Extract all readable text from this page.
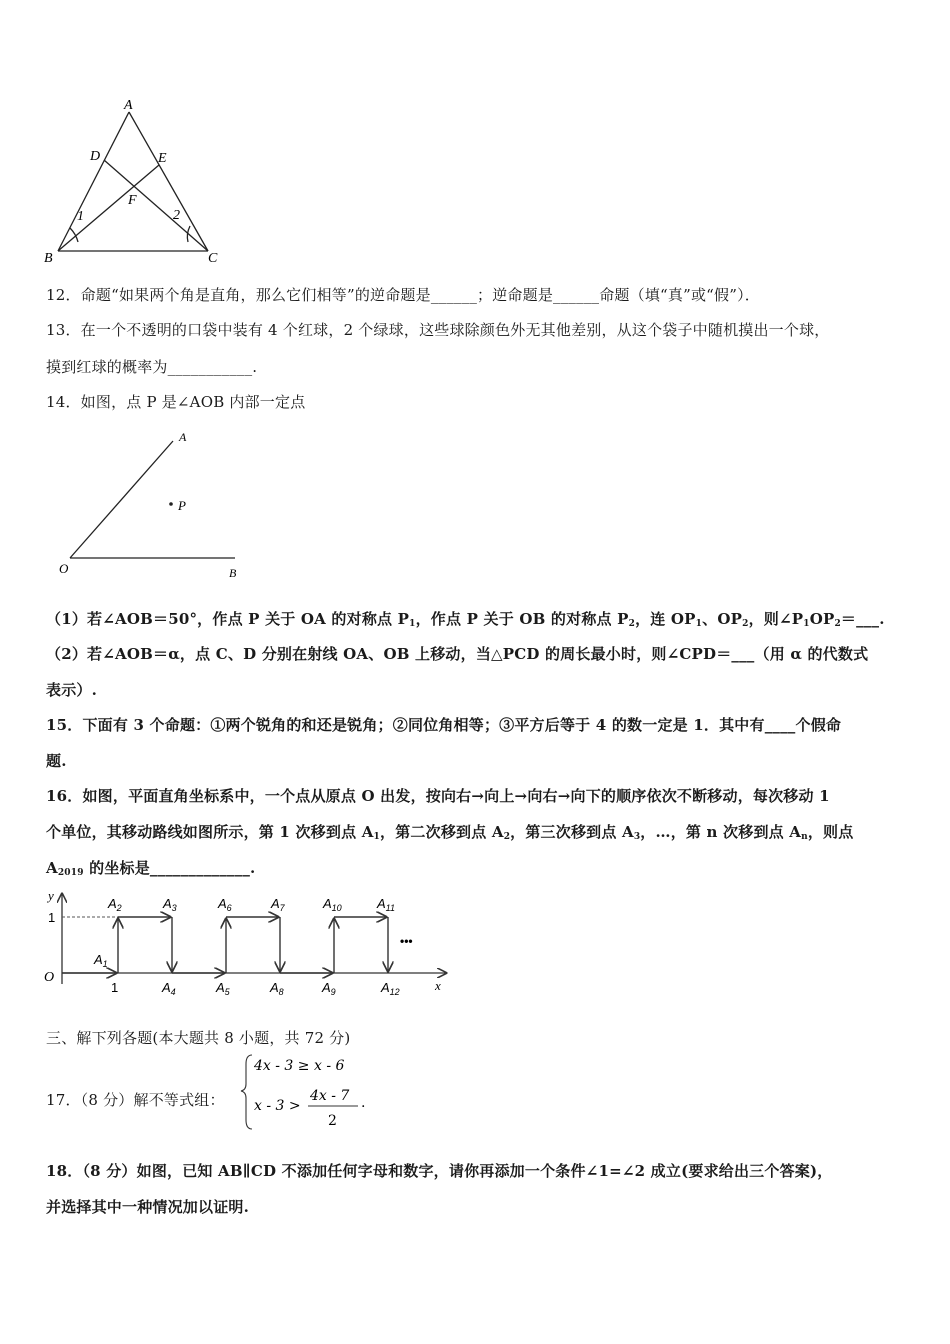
A
D	E
F
1	2
B	C
12．命题“如果两个角是直角，那么它们相等”的逆命题是______；逆命题是______命题（填“真”或“假”）．
13．在一个不透明的口袋中装有 4 个红球，2 个绿球，这些球除颜色外无其他差别，从这个袋子中随机摸出一个球，
摸到红球的概率为___________.
14．如图，点 P 是∠AOB 内部一定点
A
P
O	B
（1）若∠AOB＝50°，作点 P 关于 OA 的对称点 $P_1$，作点 P 关于 OB 的对称点 $P_2$，连 $OP_1$、$OP_2$，则$\angle P_1OP_2=\_\_\_$.
（2）若∠AOB＝α，点 C、D 分别在射线 OA、OB 上移动，当△PCD 的周长最小时，则∠CPD＝___（用 α 的代数式
表示）.
15．下面有 3 个命题：①两个锐角的和还是锐角；②同位角相等；③平方后等于 4 的数一定是 1．其中有____个假命
题.
16．如图，平面直角坐标系中，一个点从原点 O 出发，按向右→向上→向右→向下的顺序依次不断移动，每次移动 1
个单位，其移动路线如图所示，第 1 次移到点 $A_1$，第二次移到点 $A_2$，第三次移到点 $A_3$，…，第 n 次移到点 $A_n$，则点
$A_{2019}$ 的坐标是_____________.
y
x
O
1
1
•••
$A_1$
$A_2$	$A_3$
$A_4$	$A_5$
$A_6$	$A_7$
$A_8$	$A_9$
$A_{10}$	$A_{11}$
$A_{12}$
三、解下列各题(本大题共 8 小题，共 72 分)
17．（8 分）解不等式组：
4x - 3 ≥ x - 6
x - 3 >
4x - 7
2
.
18．（8 分）如图，已知 AB∥CD 不添加任何字母和数字，请你再添加一个条件∠1=∠2 成立(要求给出三个答案)，
并选择其中一种情况加以证明.
